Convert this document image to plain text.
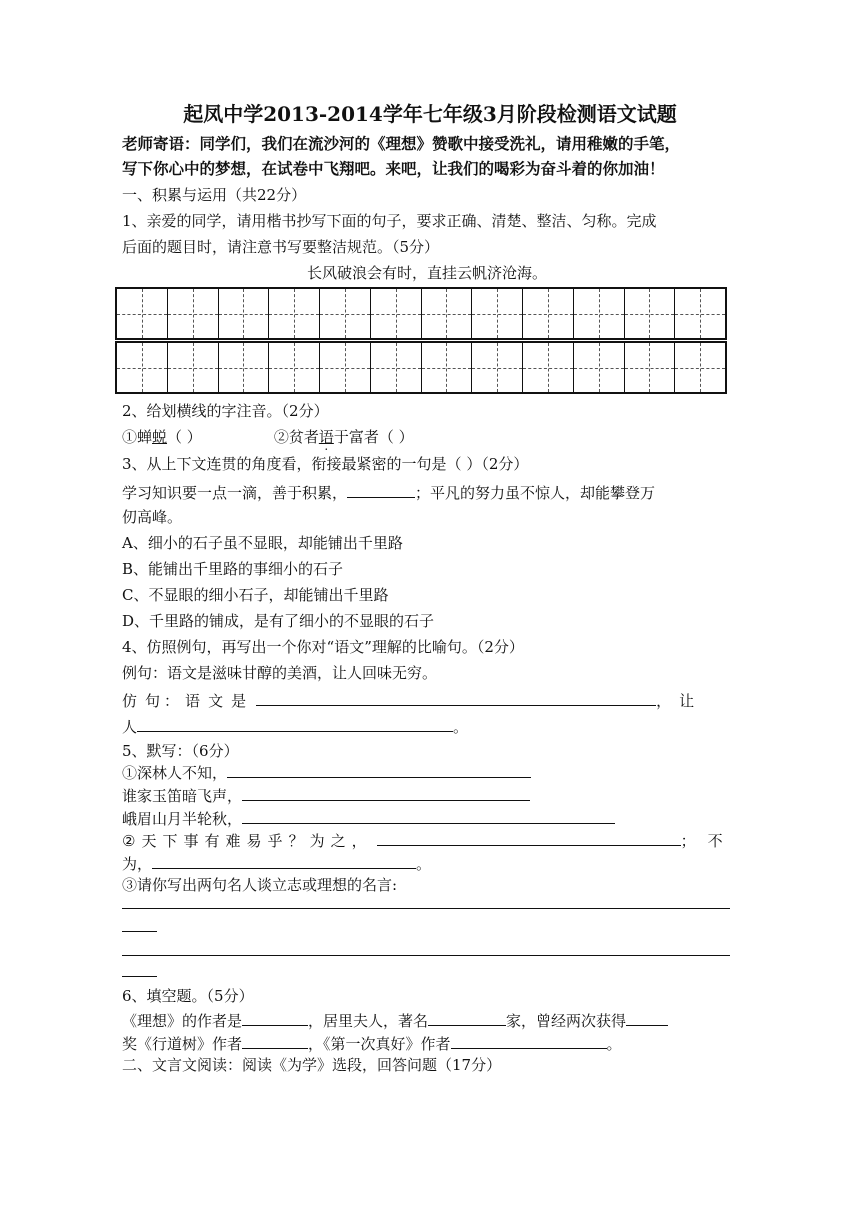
起凤中学2013-2014学年七年级3月阶段检测语文试题
老师寄语：同学们，我们在流沙河的《理想》赞歌中接受洗礼，请用稚嫩的手笔，
写下你心中的梦想，在试卷中飞翔吧。来吧，让我们的喝彩为奋斗着的你加油！
一、积累与运用（共22分）
1、亲爱的同学，请用楷书抄写下面的句子，要求正确、清楚、整洁、匀称。完成
后面的题目时，请注意书写要整洁规范。（5分）
长风破浪会有时，直挂云帆济沧海。
2、给划横线的字注音。（2分）
①蝉蜕（ ）	②贫者语于富者（ ）
3、从上下文连贯的角度看，衔接最紧密的一句是（ ）（2分）
学习知识要一点一滴，善于积累，	；平凡的努力虽不惊人，却能攀登万
仞高峰。
A、细小的石子虽不显眼，却能铺出千里路
B、能铺出千里路的事细小的石子
C、不显眼的细小石子，却能铺出千里路
D、千里路的铺成，是有了细小的不显眼的石子
4、仿照例句，再写出一个你对“语文”理解的比喻句。（2分）
例句：语文是滋味甘醇的美酒，让人回味无穷。
仿 句 ： 语 文 是	， 让
人	。
5、默写：（6分）
①深林人不知，
谁家玉笛暗飞声，
峨眉山月半轮秋，
② 天 下 事 有 难 易 乎 ？ 为 之 ，	； 不
为，	。
③请你写出两句名人谈立志或理想的名言:
6、填空题。（5分）
《理想》的作者是	，居里夫人，著名	家，曾经两次获得
奖《行道树》作者	，《第一次真好》作者	。
二、文言文阅读：阅读《为学》选段，回答问题（17分）
